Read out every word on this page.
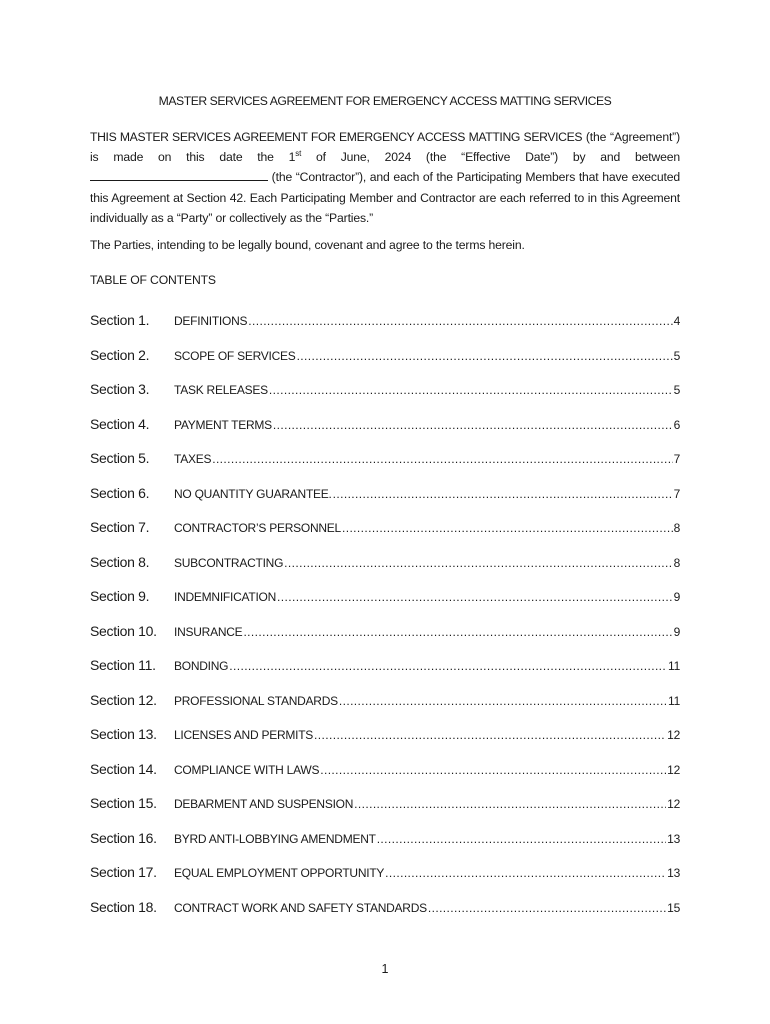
MASTER SERVICES AGREEMENT FOR EMERGENCY ACCESS MATTING SERVICES
THIS MASTER SERVICES AGREEMENT FOR EMERGENCY ACCESS MATTING SERVICES (the “Agreement”) is made on this date the 1st of June, 2024 (the “Effective Date”) by and between  (the “Contractor”), and each of the Participating Members that have executed this Agreement at Section 42. Each Participating Member and Contractor are each referred to in this Agreement individually as a “Party” or collectively as the “Parties.”
The Parties, intending to be legally bound, covenant and agree to the terms herein.
TABLE OF CONTENTS
Section 1.	DEFINITIONS .....	4
Section 2.	SCOPE OF SERVICES .....	5
Section 3.	TASK RELEASES .....	5
Section 4.	PAYMENT TERMS .....	6
Section 5.	TAXES .....	7
Section 6.	NO QUANTITY GUARANTEE. .....	7
Section 7.	CONTRACTOR’S PERSONNEL .....	8
Section 8.	SUBCONTRACTING .....	8
Section 9.	INDEMNIFICATION .....	9
Section 10.	INSURANCE .....	9
Section 11.	BONDING .....	11
Section 12.	PROFESSIONAL STANDARDS .....	11
Section 13.	LICENSES AND PERMITS .....	12
Section 14.	COMPLIANCE WITH LAWS .....	12
Section 15.	DEBARMENT AND SUSPENSION .....	12
Section 16.	BYRD ANTI-LOBBYING AMENDMENT .....	13
Section 17.	EQUAL EMPLOYMENT OPPORTUNITY .....	13
Section 18.	CONTRACT WORK AND SAFETY STANDARDS .....	15
1
